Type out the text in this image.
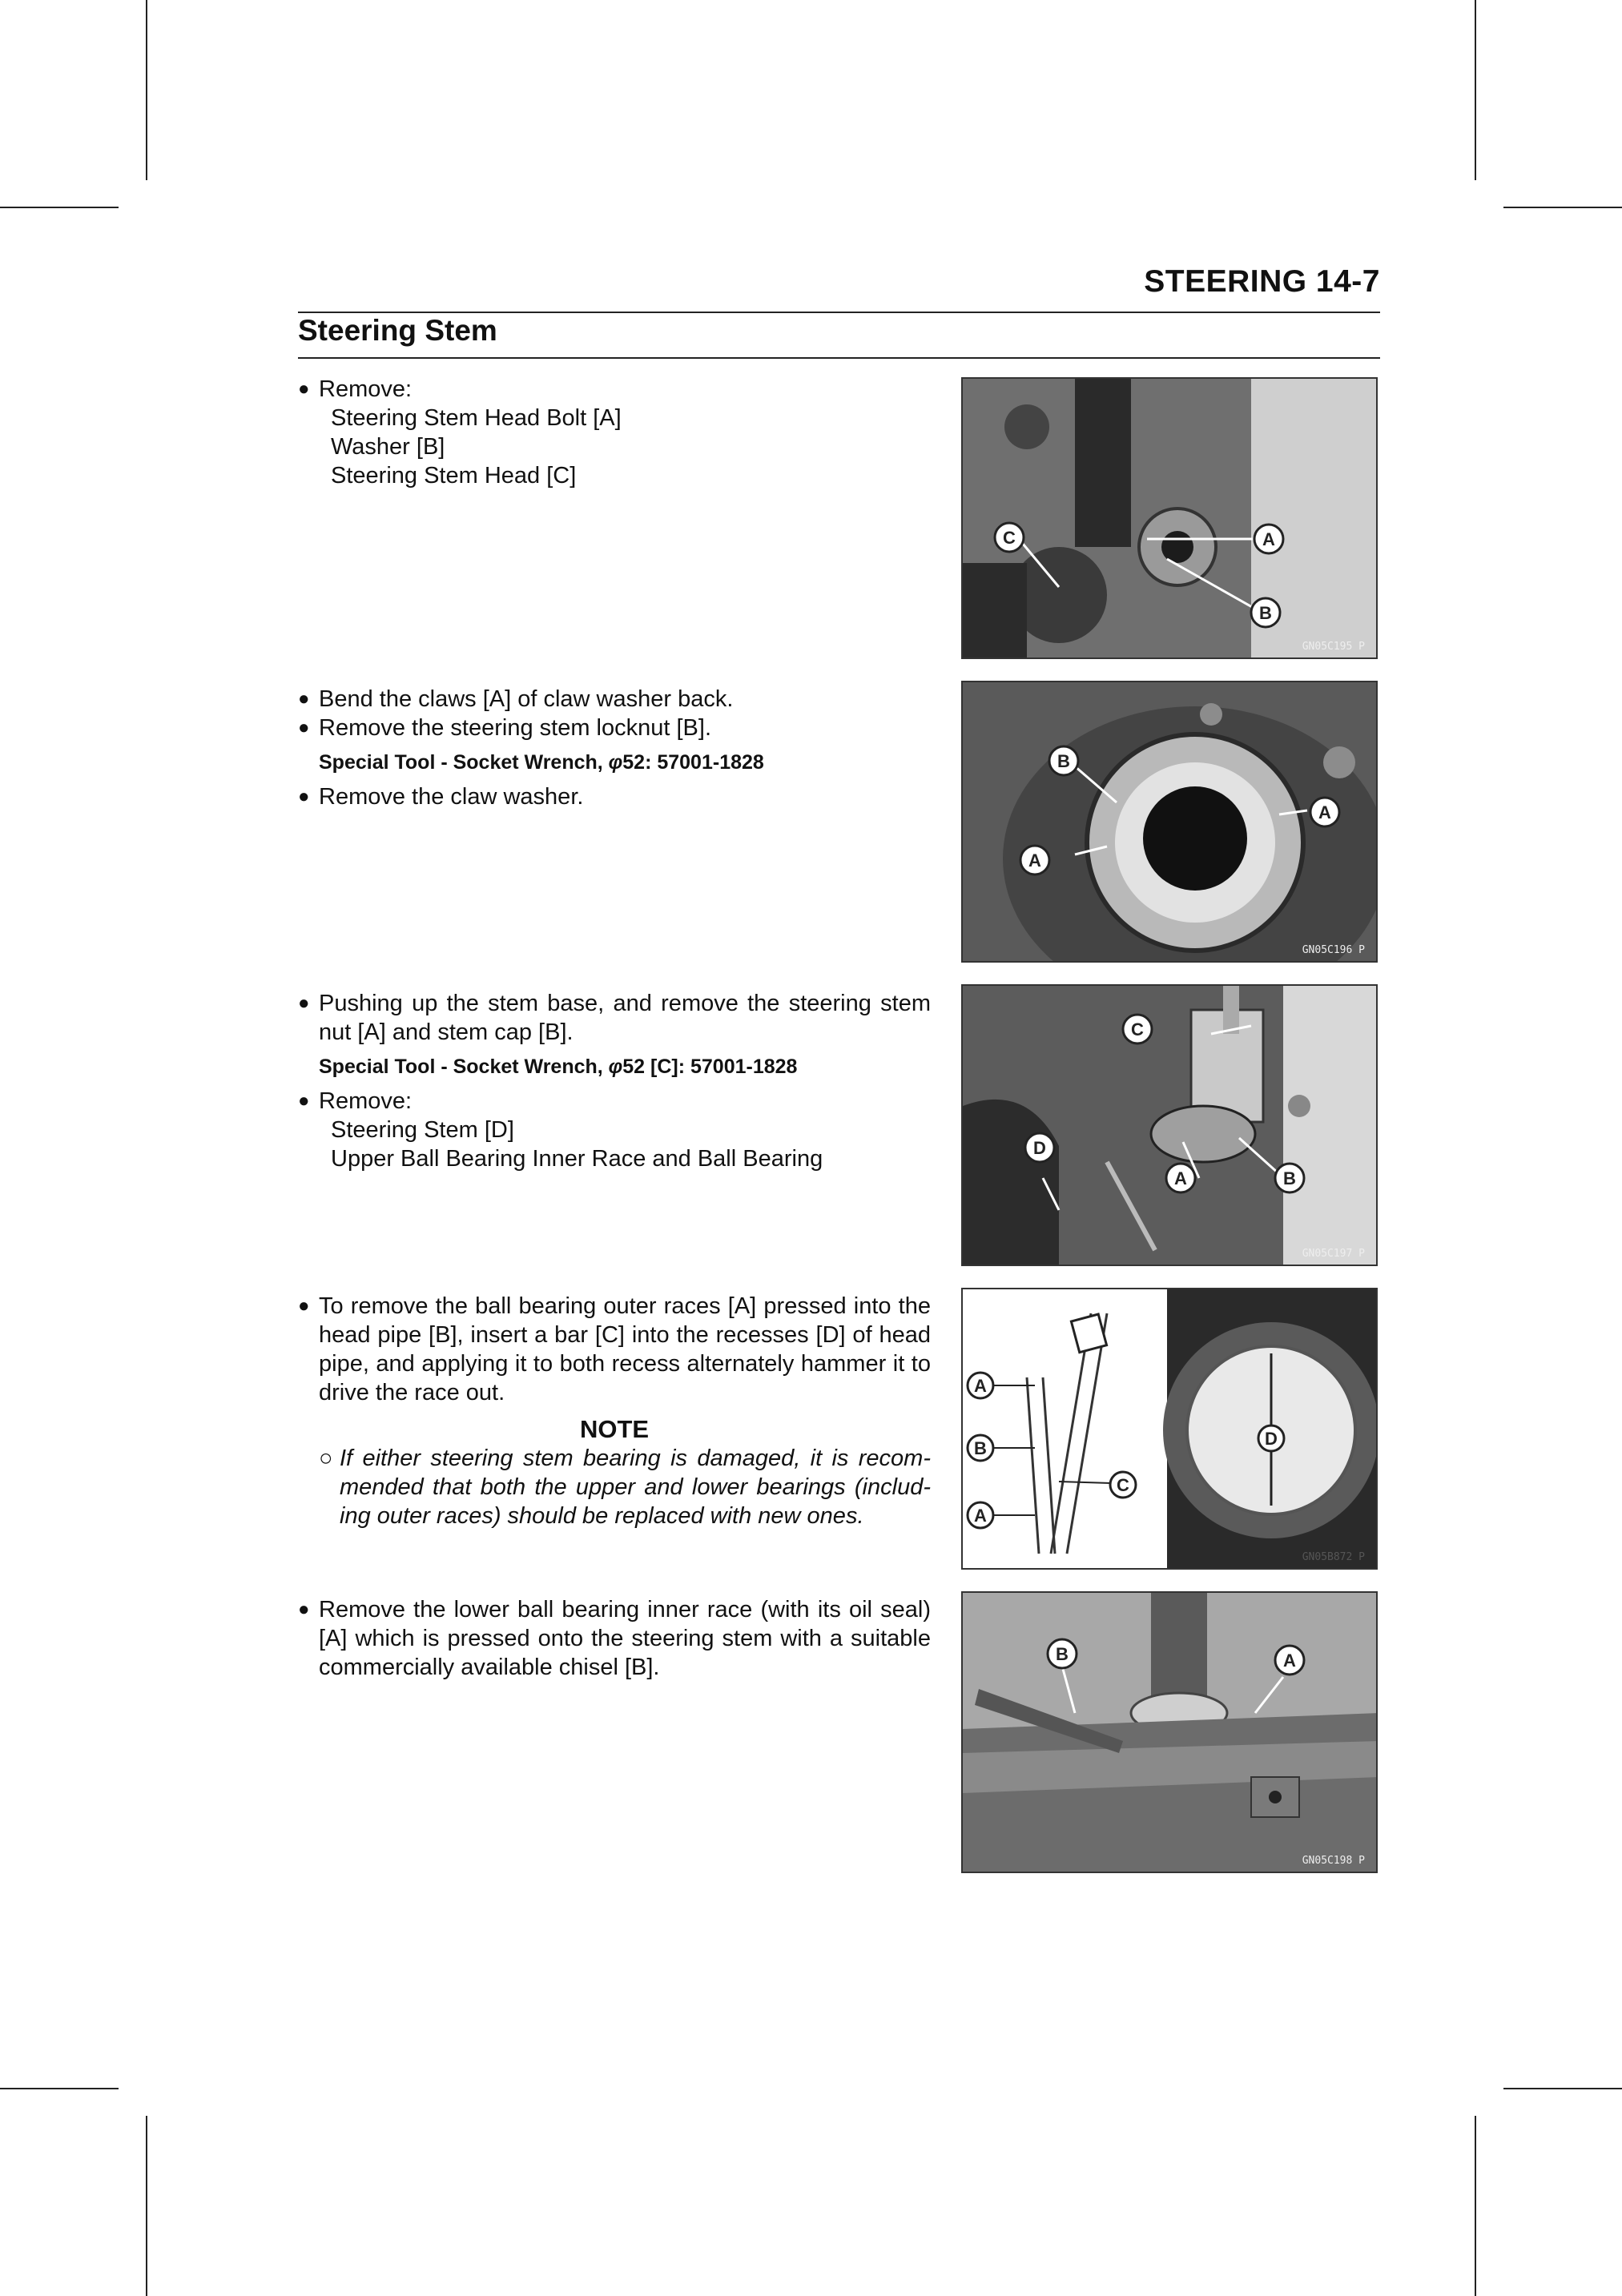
STEERING 14-7
Steering Stem
● Remove:
Steering Stem Head Bolt [A]
Washer [B]
Steering Stem Head [C]
● Bend the claws [A] of claw washer back.
● Remove the steering stem locknut [B].
Special Tool - Socket Wrench, φ52: 57001-1828
● Remove the claw washer.
● Pushing up the stem base, and remove the steering stem nut [A] and stem cap [B].
Special Tool - Socket Wrench, φ52 [C]: 57001-1828
● Remove:
Steering Stem [D]
Upper Ball Bearing Inner Race and Ball Bearing
● To remove the ball bearing outer races [A] pressed into the head pipe [B], insert a bar [C] into the recesses [D] of head pipe, and applying it to both recess alternately hammer it to drive the race out.
NOTE
○ If either steering stem bearing is damaged, it is recom-mended that both the upper and lower bearings (includ-ing outer races) should be replaced with new ones.
● Remove the lower ball bearing inner race (with its oil seal) [A] which is pressed onto the steering stem with a suitable commercially available chisel [B].
A
B
C
GN05C195 P
A
A
B
GN05C196 P
A	B
C
D
GN05C197 P
A
B
A
C
D
GN05B872 P
A
B
GN05C198 P
